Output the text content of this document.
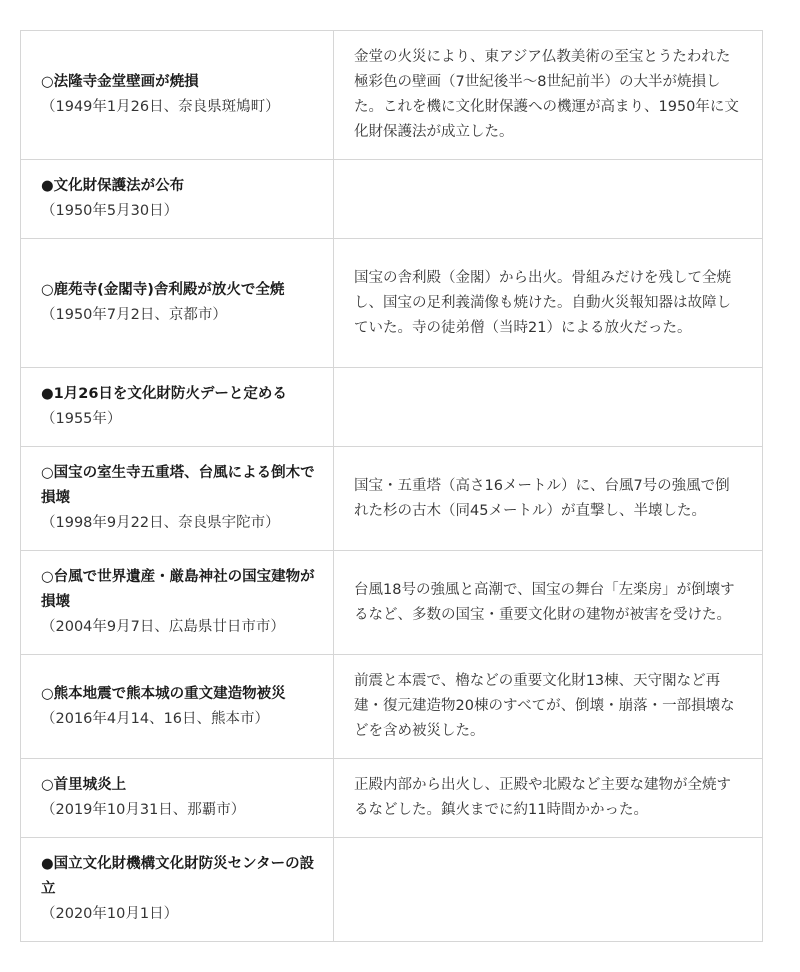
○法隆寺金堂壁画が焼損
（1949年1月26日、奈良県斑鳩町）	金堂の火災により、東アジア仏教美術の至宝とうたわれた極彩色の壁画（7世紀後半〜8世紀前半）の大半が焼損した。これを機に文化財保護への機運が高まり、1950年に文化財保護法が成立した。

●文化財保護法が公布
（1950年5月30日）	

○鹿苑寺(金閣寺)舎利殿が放火で全焼
（1950年7月2日、京都市）	国宝の舎利殿（金閣）から出火。骨組みだけを残して全焼し、国宝の足利義満像も焼けた。自動火災報知器は故障していた。寺の徒弟僧（当時21）による放火だった。

●1月26日を文化財防火デーと定める
（1955年）	

○国宝の室生寺五重塔、台風による倒木で損壊
（1998年9月22日、奈良県宇陀市）	国宝・五重塔（高さ16メートル）に、台風7号の強風で倒れた杉の古木（同45メートル）が直撃し、半壊した。

○台風で世界遺産・厳島神社の国宝建物が損壊
（2004年9月7日、広島県廿日市市）	台風18号の強風と高潮で、国宝の舞台「左楽房」が倒壊するなど、多数の国宝・重要文化財の建物が被害を受けた。

○熊本地震で熊本城の重文建造物被災
（2016年4月14、16日、熊本市）	前震と本震で、櫓などの重要文化財13棟、天守閣など再建・復元建造物20棟のすべてが、倒壊・崩落・一部損壊などを含め被災した。

○首里城炎上
（2019年10月31日、那覇市）	正殿内部から出火し、正殿や北殿など主要な建物が全焼するなどした。鎮火までに約11時間かかった。

●国立文化財機構文化財防災センターの設立
（2020年10月1日）	
